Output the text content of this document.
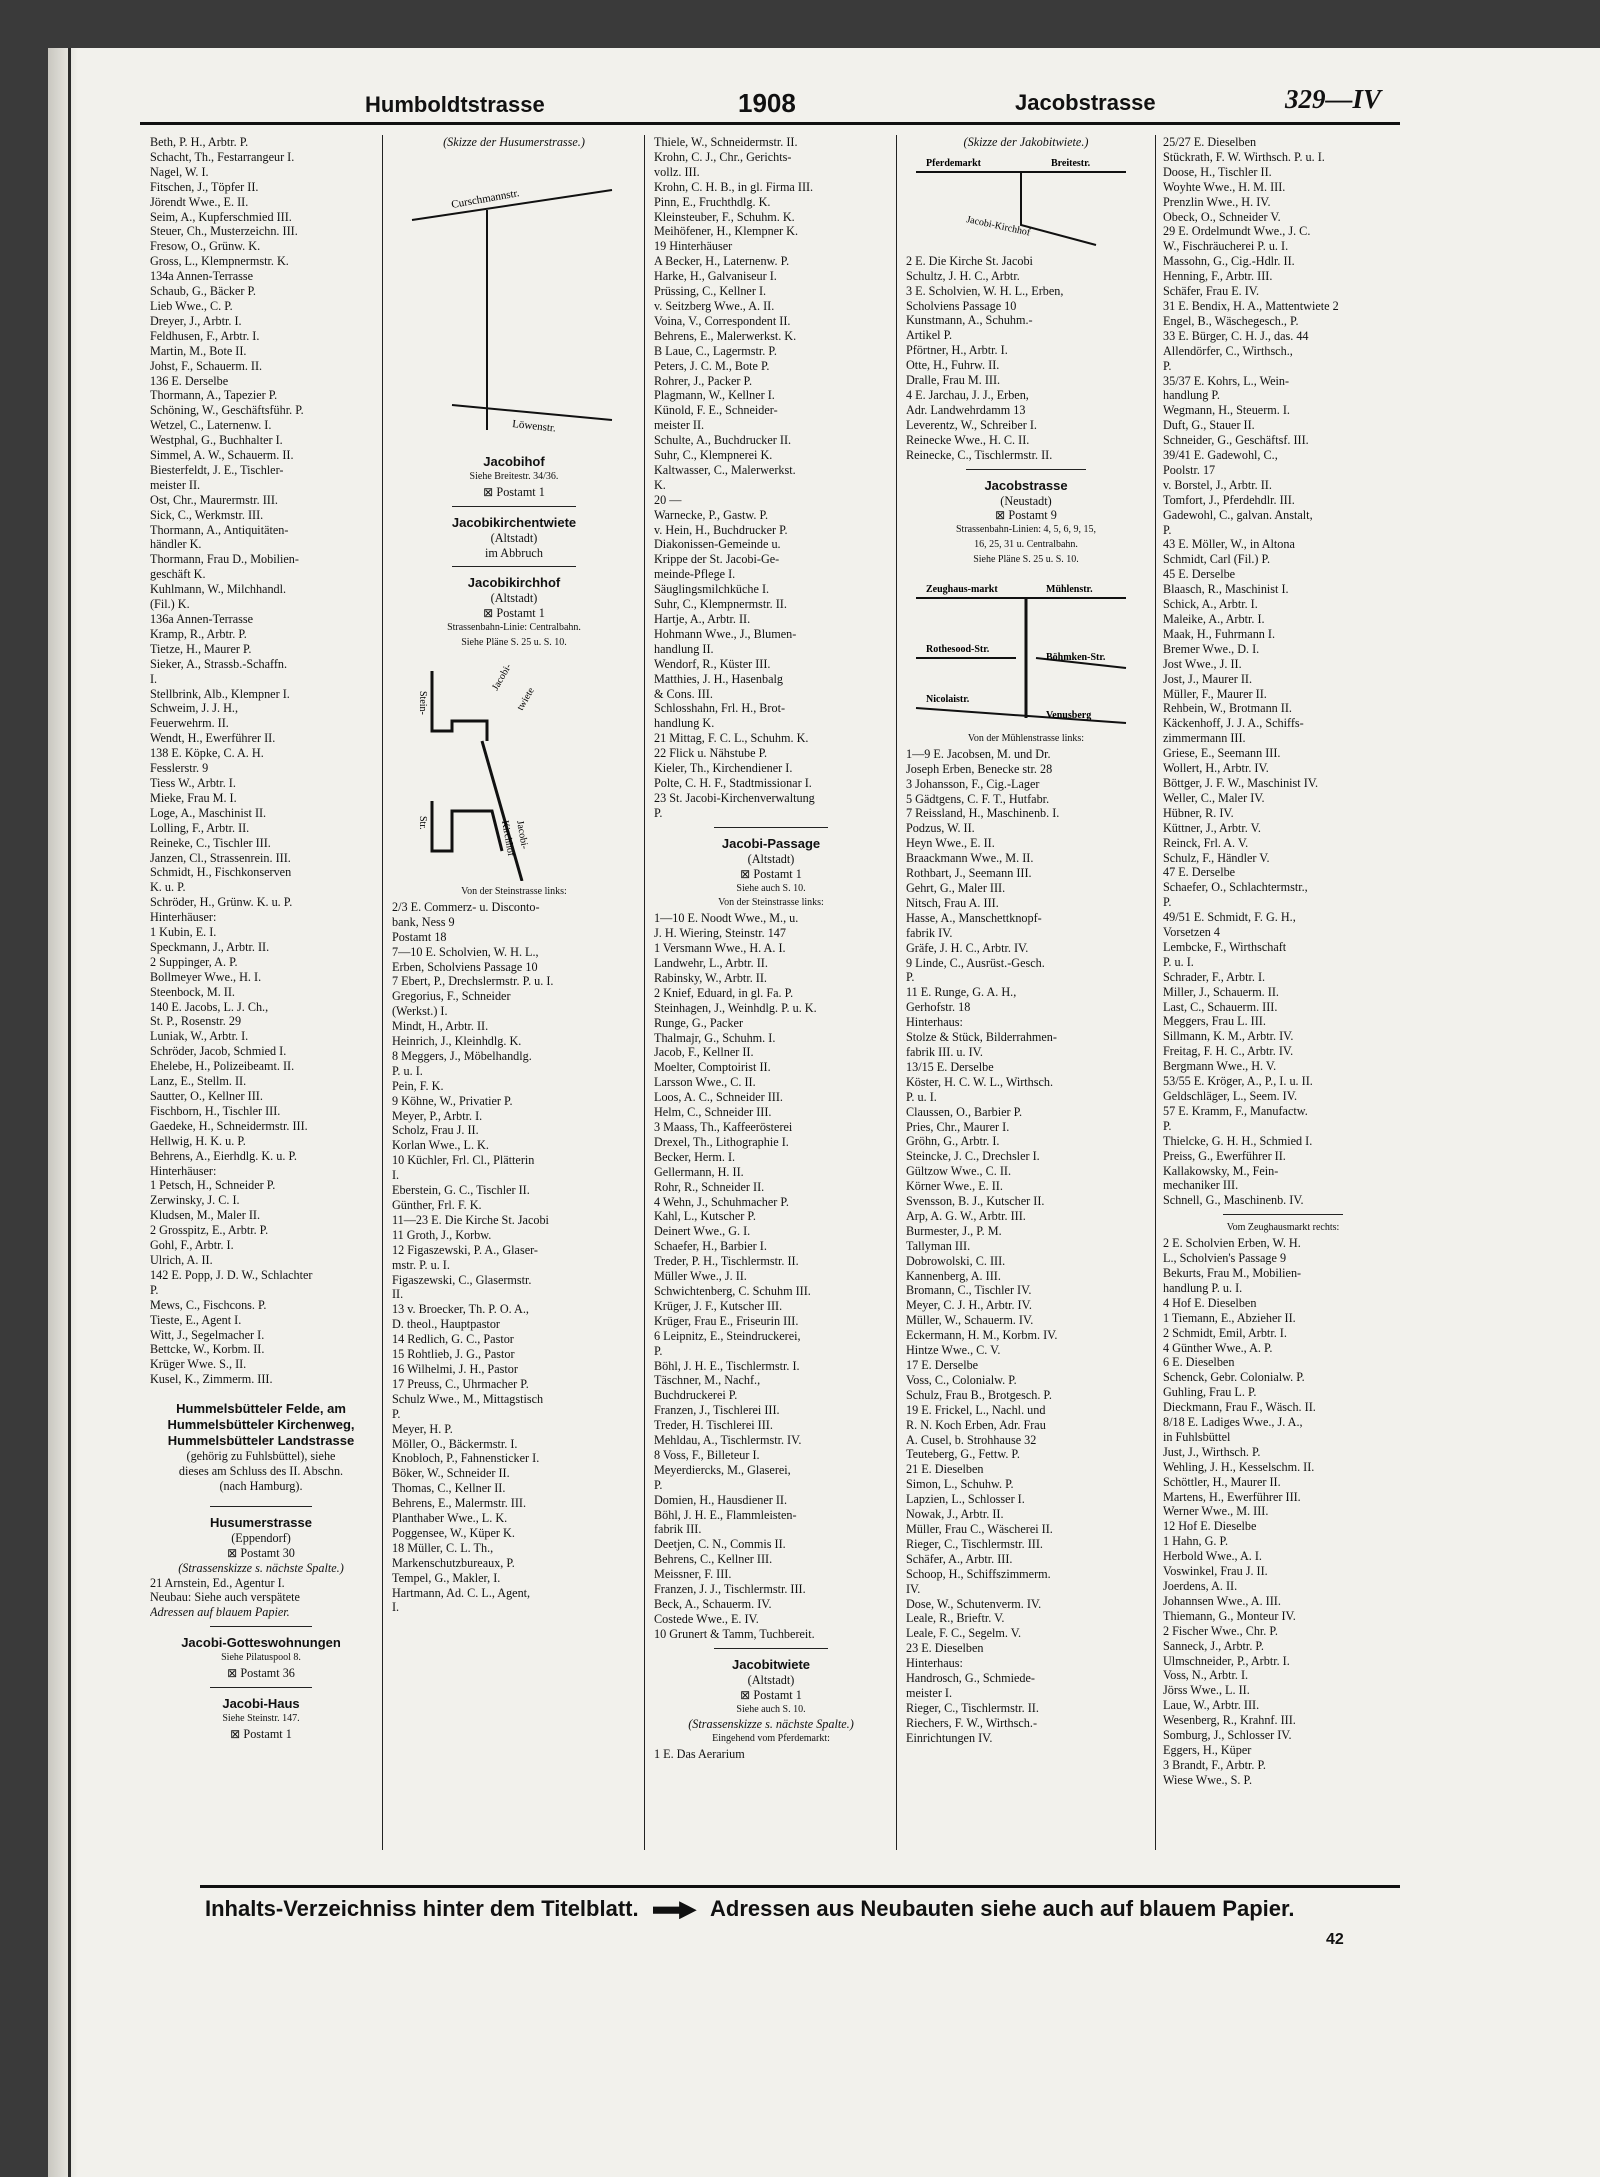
Humboldtstrasse	1908	Jacobstrasse	329—IV
Beth, P. H., Arbtr. P.
Schacht, Th., Festarrangeur I.
Nagel, W. I.
Fitschen, J., Töpfer II.
Jörendt Wwe., E. II.
Seim, A., Kupferschmied III.
Steuer, Ch., Musterzeichn. III.
Fresow, O., Grünw. K.
Gross, L., Klempnermstr. K.
134a Annen-Terrasse
Schaub, G., Bäcker P.
Lieb Wwe., C. P.
Dreyer, J., Arbtr. I.
Feldhusen, F., Arbtr. I.
Martin, M., Bote II.
Johst, F., Schauerm. II.
136 E. Derselbe
Thormann, A., Tapezier P.
Schöning, W., Geschäftsführ. P.
Wetzel, C., Laternenw. I.
Westphal, G., Buchhalter I.
Simmel, A. W., Schauerm. II.
Biesterfeldt, J. E., Tischler-
meister II.
Ost, Chr., Maurermstr. III.
Sick, C., Werkmstr. III.
Thormann, A., Antiquitäten-
händler K.
Thormann, Frau D., Mobilien-
geschäft K.
Kuhlmann, W., Milchhandl.
(Fil.) K.
136a Annen-Terrasse
Kramp, R., Arbtr. P.
Tietze, H., Maurer P.
Sieker, A., Strassb.-Schaffn.
I.
Stellbrink, Alb., Klempner I.
Schweim, J. J. H.,
Feuerwehrm. II.
Wendt, H., Ewerführer II.
138 E. Köpke, C. A. H.
Fesslerstr. 9
Tiess W., Arbtr. I.
Mieke, Frau M. I.
Loge, A., Maschinist II.
Lolling, F., Arbtr. II.
Reineke, C., Tischler III.
Janzen, Cl., Strassenrein. III.
Schmidt, H., Fischkonserven
K. u. P.
Schröder, H., Grünw. K. u. P.
Hinterhäuser:
1 Kubin, E. I.
Speckmann, J., Arbtr. II.
2 Suppinger, A. P.
Bollmeyer Wwe., H. I.
Steenbock, M. II.
140 E. Jacobs, L. J. Ch.,
St. P., Rosenstr. 29
Luniak, W., Arbtr. I.
Schröder, Jacob, Schmied I.
Ehelebe, H., Polizeibeamt. II.
Lanz, E., Stellm. II.
Sautter, O., Kellner III.
Fischborn, H., Tischler III.
Gaedeke, H., Schneidermstr. III.
Hellwig, H. K. u. P.
Behrens, A., Eierhdlg. K. u. P.
Hinterhäuser:
1 Petsch, H., Schneider P.
Zerwinsky, J. C. I.
Kludsen, M., Maler II.
2 Grosspitz, E., Arbtr. P.
Gohl, F., Arbtr. I.
Ulrich, A. II.
142 E. Popp, J. D. W., Schlachter
P.
Mews, C., Fischcons. P.
Tieste, E., Agent I.
Witt, J., Segelmacher I.
Bettcke, W., Korbm. II.
Krüger Wwe. S., II.
Kusel, K., Zimmerm. III.
Hummelsbütteler Felde, am
Hummelsbütteler Kirchenweg,
Hummelsbütteler Landstrasse
(gehörig zu Fuhlsbüttel), siehe
dieses am Schluss des II. Abschn.
(nach Hamburg).
Husumerstrasse
(Eppendorf)
⊠ Postamt 30
(Strassenskizze s. nächste Spalte.)
21 Arnstein, Ed., Agentur I.
Neubau: Siehe auch verspätete
Adressen auf blauem Papier.
Jacobi-Gotteswohnungen
Siehe Pilatuspool 8.
⊠ Postamt 36
Jacobi-Haus
Siehe Steinstr. 147.
⊠ Postamt 1
(Skizze der Husumerstrasse.)
Curschmannstr.
Löwenstr.
Jacobihof
Siehe Breitestr. 34/36.
⊠ Postamt 1
Jacobikirchentwiete
(Altstadt)
im Abbruch
Jacobikirchhof
(Altstadt)
⊠ Postamt 1
Strassenbahn-Linie: Centralbahn.
Siehe Pläne S. 25 u. S. 10.
Stein-
Jacobi-
twiete
Str.	Jacobi-
Kirchhof
Von der Steinstrasse links:
2/3 E. Commerz- u. Disconto-
bank, Ness 9
Postamt 18
7—10 E. Scholvien, W. H. L.,
Erben, Scholviens Passage 10
7 Ebert, P., Drechslermstr. P. u. I.
Gregorius, F., Schneider
(Werkst.) I.
Mindt, H., Arbtr. II.
Heinrich, J., Kleinhdlg. K.
8 Meggers, J., Möbelhandlg.
P. u. I.
Pein, F. K.
9 Köhne, W., Privatier P.
Meyer, P., Arbtr. I.
Scholz, Frau J. II.
Korlan Wwe., L. K.
10 Küchler, Frl. Cl., Plätterin
I.
Eberstein, G. C., Tischler II.
Günther, Frl. F. K.
11—23 E. Die Kirche St. Jacobi
11 Groth, J., Korbw.
12 Figaszewski, P. A., Glaser-
mstr. P. u. I.
Figaszewski, C., Glasermstr.
II.
13 v. Broecker, Th. P. O. A.,
D. theol., Hauptpastor
14 Redlich, G. C., Pastor
15 Rohtlieb, J. G., Pastor
16 Wilhelmi, J. H., Pastor
17 Preuss, C., Uhrmacher P.
Schulz Wwe., M., Mittagstisch
P.
Meyer, H. P.
Möller, O., Bäckermstr. I.
Knobloch, P., Fahnensticker I.
Böker, W., Schneider II.
Thomas, C., Kellner II.
Behrens, E., Malermstr. III.
Planthaber Wwe., L. K.
Poggensee, W., Küper K.
18 Müller, C. L. Th.,
Markenschutzbureaux, P.
Tempel, G., Makler, I.
Hartmann, Ad. C. L., Agent,
I.
Thiele, W., Schneidermstr. II.
Krohn, C. J., Chr., Gerichts-
vollz. III.
Krohn, C. H. B., in gl. Firma III.
Pinn, E., Fruchthdlg. K.
Kleinsteuber, F., Schuhm. K.
Meihöfener, H., Klempner K.
19 Hinterhäuser
A Becker, H., Laternenw. P.
Harke, H., Galvaniseur I.
Prüssing, C., Kellner I.
v. Seitzberg Wwe., A. II.
Voina, V., Correspondent II.
Behrens, E., Malerwerkst. K.
B Laue, C., Lagermstr. P.
Peters, J. C. M., Bote P.
Rohrer, J., Packer P.
Plagmann, W., Kellner I.
Künold, F. E., Schneider-
meister II.
Schulte, A., Buchdrucker II.
Suhr, C., Klempnerei K.
Kaltwasser, C., Malerwerkst.
K.
20 —
Warnecke, P., Gastw. P.
v. Hein, H., Buchdrucker P.
Diakonissen-Gemeinde u.
Krippe der St. Jacobi-Ge-
meinde-Pflege I.
Säuglingsmilchküche I.
Suhr, C., Klempnermstr. II.
Hartje, A., Arbtr. II.
Hohmann Wwe., J., Blumen-
handlung II.
Wendorf, R., Küster III.
Matthies, J. H., Hasenbalg
& Cons. III.
Schlosshahn, Frl. H., Brot-
handlung K.
21 Mittag, F. C. L., Schuhm. K.
22 Flick u. Nähstube P.
Kieler, Th., Kirchendiener I.
Polte, C. H. F., Stadtmissionar I.
23 St. Jacobi-Kirchenverwaltung
P.
Jacobi-Passage
(Altstadt)
⊠ Postamt 1
Siehe auch S. 10.
Von der Steinstrasse links:
1—10 E. Noodt Wwe., M., u.
J. H. Wiering, Steinstr. 147
1 Versmann Wwe., H. A. I.
Landwehr, L., Arbtr. II.
Rabinsky, W., Arbtr. II.
2 Knief, Eduard, in gl. Fa. P.
Steinhagen, J., Weinhdlg. P. u. K.
Runge, G., Packer
Thalmajr, G., Schuhm. I.
Jacob, F., Kellner II.
Moelter, Comptoirist II.
Larsson Wwe., C. II.
Loos, A. C., Schneider III.
Helm, C., Schneider III.
3 Maass, Th., Kaffeerösterei
Drexel, Th., Lithographie I.
Becker, Herm. I.
Gellermann, H. II.
Rohr, R., Schneider II.
4 Wehn, J., Schuhmacher P.
Kahl, L., Kutscher P.
Deinert Wwe., G. I.
Schaefer, H., Barbier I.
Treder, P. H., Tischlermstr. II.
Müller Wwe., J. II.
Schwichtenberg, C. Schuhm III.
Krüger, J. F., Kutscher III.
Krüger, Frau E., Friseurin III.
6 Leipnitz, E., Steindruckerei,
P.
Böhl, J. H. E., Tischlermstr. I.
Täschner, M., Nachf.,
Buchdruckerei P.
Franzen, J., Tischlerei III.
Treder, H. Tischlerei III.
Mehldau, A., Tischlermstr. IV.
8 Voss, F., Billeteur I.
Meyerdiercks, M., Glaserei,
P.
Domien, H., Hausdiener II.
Böhl, J. H. E., Flammleisten-
fabrik III.
Deetjen, C. N., Commis II.
Behrens, C., Kellner III.
Meissner, F. III.
Franzen, J. J., Tischlermstr. III.
Beck, A., Schauerm. IV.
Costede Wwe., E. IV.
10 Grunert & Tamm, Tuchbereit.
Jacobitwiete
(Altstadt)
⊠ Postamt 1
Siehe auch S. 10.
(Strassenskizze s. nächste Spalte.)
Eingehend vom Pferdemarkt:
1 E. Das Aerarium
(Skizze der Jakobitwiete.)
Pferdemarkt	Breitestr.
Jacobi-Kirchhof
2 E. Die Kirche St. Jacobi
Schultz, J. H. C., Arbtr.
3 E. Scholvien, W. H. L., Erben,
Scholviens Passage 10
Kunstmann, A., Schuhm.-
Artikel P.
Pförtner, H., Arbtr. I.
Otte, H., Fuhrw. II.
Dralle, Frau M. III.
4 E. Jarchau, J. J., Erben,
Adr. Landwehrdamm 13
Leverentz, W., Schreiber I.
Reinecke Wwe., H. C. II.
Reinecke, C., Tischlermstr. II.
Jacobstrasse
(Neustadt)
⊠ Postamt 9
Strassenbahn-Linien: 4, 5, 6, 9, 15,
16, 25, 31 u. Centralbahn.
Siehe Pläne S. 25 u. S. 10.
Zeughaus-markt	Mühlenstr.
Rothesood-Str.
Böhmken-Str.
Nicolaistr.
Venusberg
Von der Mühlenstrasse links:
1—9 E. Jacobsen, M. und Dr.
Joseph Erben, Benecke str. 28
3 Johansson, F., Cig.-Lager
5 Gädtgens, C. F. T., Hutfabr.
7 Reissland, H., Maschinenb. I.
Podzus, W. II.
Heyn Wwe., E. II.
Braackmann Wwe., M. II.
Rothbart, J., Seemann III.
Gehrt, G., Maler III.
Nitsch, Frau A. III.
Hasse, A., Manschettknopf-
fabrik IV.
Gräfe, J. H. C., Arbtr. IV.
9 Linde, C., Ausrüst.-Gesch.
P.
11 E. Runge, G. A. H.,
Gerhofstr. 18
Hinterhaus:
Stolze & Stück, Bilderrahmen-
fabrik III. u. IV.
13/15 E. Derselbe
Köster, H. C. W. L., Wirthsch.
P. u. I.
Claussen, O., Barbier P.
Pries, Chr., Maurer I.
Gröhn, G., Arbtr. I.
Steincke, J. C., Drechsler I.
Gültzow Wwe., C. II.
Körner Wwe., E. II.
Svensson, B. J., Kutscher II.
Arp, A. G. W., Arbtr. III.
Burmester, J., P. M.
Tallyman III.
Dobrowolski, C. III.
Kannenberg, A. III.
Bromann, C., Tischler IV.
Meyer, C. J. H., Arbtr. IV.
Müller, W., Schauerm. IV.
Eckermann, H. M., Korbm. IV.
Hintze Wwe., C. V.
17 E. Derselbe
Voss, C., Colonialw. P.
Schulz, Frau B., Brotgesch. P.
19 E. Frickel, L., Nachl. und
R. N. Koch Erben, Adr. Frau
A. Cusel, b. Strohhause 32
Teuteberg, G., Fettw. P.
21 E. Dieselben
Simon, L., Schuhw. P.
Lapzien, L., Schlosser I.
Nowak, J., Arbtr. II.
Müller, Frau C., Wäscherei II.
Rieger, C., Tischlermstr. III.
Schäfer, A., Arbtr. III.
Schoop, H., Schiffszimmerm.
IV.
Dose, W., Schutenverm. IV.
Leale, R., Brieftr. V.
Leale, F. C., Segelm. V.
23 E. Dieselben
Hinterhaus:
Handrosch, G., Schmiede-
meister I.
Rieger, C., Tischlermstr. II.
Riechers, F. W., Wirthsch.-
Einrichtungen IV.
25/27 E. Dieselben
Stückrath, F. W. Wirthsch. P. u. I.
Doose, H., Tischler II.
Woyhte Wwe., H. M. III.
Prenzlin Wwe., H. IV.
Obeck, O., Schneider V.
29 E. Ordelmundt Wwe., J. C.
W., Fischräucherei P. u. I.
Massohn, G., Cig.-Hdlr. II.
Henning, F., Arbtr. III.
Schäfer, Frau E. IV.
31 E. Bendix, H. A., Mattentwiete 2
Engel, B., Wäschegesch., P.
33 E. Bürger, C. H. J., das. 44
Allendörfer, C., Wirthsch.,
P.
35/37 E. Kohrs, L., Wein-
handlung P.
Wegmann, H., Steuerm. I.
Duft, G., Stauer II.
Schneider, G., Geschäftsf. III.
39/41 E. Gadewohl, C.,
Poolstr. 17
v. Borstel, J., Arbtr. II.
Tomfort, J., Pferdehdlr. III.
Gadewohl, C., galvan. Anstalt,
P.
43 E. Möller, W., in Altona
Schmidt, Carl (Fil.) P.
45 E. Derselbe
Blaasch, R., Maschinist I.
Schick, A., Arbtr. I.
Maleike, A., Arbtr. I.
Maak, H., Fuhrmann I.
Bremer Wwe., D. I.
Jost Wwe., J. II.
Jost, J., Maurer II.
Müller, F., Maurer II.
Rehbein, W., Brotmann II.
Käckenhoff, J. J. A., Schiffs-
zimmermann III.
Griese, E., Seemann III.
Wollert, H., Arbtr. IV.
Böttger, J. F. W., Maschinist IV.
Weller, C., Maler IV.
Hübner, R. IV.
Küttner, J., Arbtr. V.
Reinck, Frl. A. V.
Schulz, F., Händler V.
47 E. Derselbe
Schaefer, O., Schlachtermstr.,
P.
49/51 E. Schmidt, F. G. H.,
Vorsetzen 4
Lembcke, F., Wirthschaft
P. u. I.
Schrader, F., Arbtr. I.
Miller, J., Schauerm. II.
Last, C., Schauerm. III.
Meggers, Frau L. III.
Sillmann, K. M., Arbtr. IV.
Freitag, F. H. C., Arbtr. IV.
Bergmann Wwe., H. V.
53/55 E. Kröger, A., P., I. u. II.
Geldschläger, L., Seem. IV.
57 E. Kramm, F., Manufactw.
P.
Thielcke, G. H. H., Schmied I.
Preiss, G., Ewerführer II.
Kallakowsky, M., Fein-
mechaniker III.
Schnell, G., Maschinenb. IV.
Vom Zeughausmarkt rechts:
2 E. Scholvien Erben, W. H.
L., Scholvien's Passage 9
Bekurts, Frau M., Mobilien-
handlung P. u. I.
4 Hof E. Dieselben
1 Tiemann, E., Abzieher II.
2 Schmidt, Emil, Arbtr. I.
4 Günther Wwe., A. P.
6 E. Dieselben
Schenck, Gebr. Colonialw. P.
Guhling, Frau L. P.
Dieckmann, Frau F., Wäsch. II.
8/18 E. Ladiges Wwe., J. A.,
in Fuhlsbüttel
Just, J., Wirthsch. P.
Wehling, J. H., Kesselschm. II.
Schöttler, H., Maurer II.
Martens, H., Ewerführer III.
Werner Wwe., M. III.
12 Hof E. Dieselbe
1 Hahn, G. P.
Herbold Wwe., A. I.
Voswinkel, Frau J. II.
Joerdens, A. II.
Johannsen Wwe., A. III.
Thiemann, G., Monteur IV.
2 Fischer Wwe., Chr. P.
Sanneck, J., Arbtr. P.
Ulmschneider, P., Arbtr. I.
Voss, N., Arbtr. I.
Jörss Wwe., L. II.
Laue, W., Arbtr. III.
Wesenberg, R., Krahnf. III.
Somburg, J., Schlosser IV.
Eggers, H., Küper
3 Brandt, F., Arbtr. P.
Wiese Wwe., S. P.
Inhalts-Verzeichniss hinter dem Titelblatt.	Adressen aus Neubauten siehe auch auf blauem Papier.
42
